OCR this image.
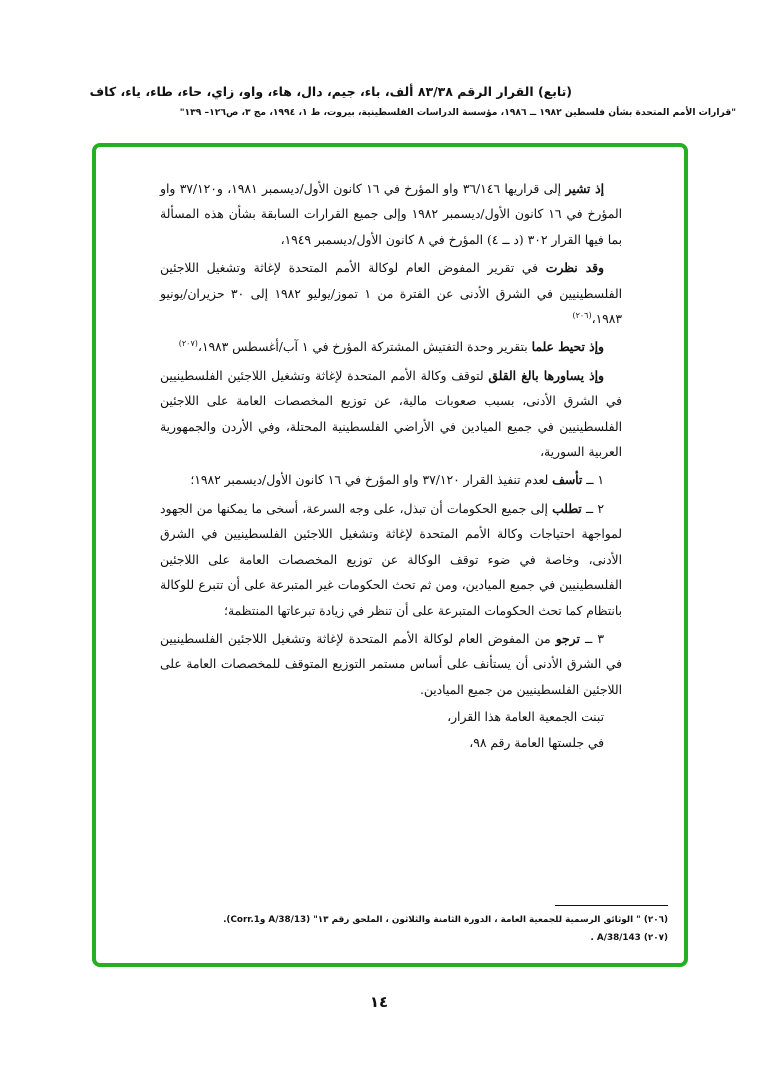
(تابع) القرار الرقم ٨٣/٣٨ ألف، باء، جيم، دال، هاء، واو، زاي، حاء، طاء، ياء، كاف
"قرارات الأمم المتحدة بشأن فلسطين ١٩٨٢ ــ ١٩٨٦، مؤسسة الدراسات الفلسطينية، بيروت، ط ١، ١٩٩٤، مج ٣، ص١٢٦– ١٣٩"

إذ تشير إلى قراريها ٣٦/١٤٦ واو المؤرخ في ١٦ كانون الأول/ديسمبر ١٩٨١، و٣٧/١٢٠ واو المؤرخ في ١٦ كانون الأول/ديسمبر ١٩٨٢ وإلى جميع القرارات السابقة بشأن هذه المسألة بما فيها القرار ٣٠٢ (د ــ ٤) المؤرخ في ٨ كانون الأول/ديسمبر ١٩٤٩،

وقد نظرت في تقرير المفوض العام لوكالة الأمم المتحدة لإغاثة وتشغيل اللاجئين الفلسطينيين في الشرق الأدنى عن الفترة من ١ تموز/يوليو ١٩٨٢ إلى ٣٠ حزيران/يونيو ١٩٨٣،$^{(٢٠٦)}$

وإذ تحيط علما بتقرير وحدة التفتيش المشتركة المؤرخ في ١ آب/أغسطس ١٩٨٣،$^{(٢٠٧)}$

وإذ يساورها بالغ القلق لتوقف وكالة الأمم المتحدة لإغاثة وتشغيل اللاجئين الفلسطينيين في الشرق الأدنى، بسبب صعوبات مالية، عن توزيع المخصصات العامة على اللاجئين الفلسطينيين في جميع الميادين في الأراضي الفلسطينية المحتلة، وفي الأردن والجمهورية العربية السورية،

١ ــ تأسف لعدم تنفيذ القرار ٣٧/١٢٠ واو المؤرخ في ١٦ كانون الأول/ديسمبر ١٩٨٢؛

٢ ــ تطلب إلى جميع الحكومات أن تبذل، على وجه السرعة، أسخى ما يمكنها من الجهود لمواجهة احتياجات وكالة الأمم المتحدة لإغاثة وتشغيل اللاجئين الفلسطينيين في الشرق الأدنى، وخاصة في ضوء توقف الوكالة عن توزيع المخصصات العامة على اللاجئين الفلسطينيين في جميع الميادين، ومن ثم تحث الحكومات غير المتبرعة على أن تتبرع للوكالة بانتظام كما تحث الحكومات المتبرعة على أن تنظر في زيادة تبرعاتها المنتظمة؛

٣ ــ ترجو من المفوض العام لوكالة الأمم المتحدة لإغاثة وتشغيل اللاجئين الفلسطينيين في الشرق الأدنى أن يستأنف على أساس مستمر التوزيع المتوقف للمخصصات العامة على اللاجئين الفلسطينيين من جميع الميادين.

تبنت الجمعية العامة هذا القرار،

في جلستها العامة رقم ٩٨،

(٢٠٦) " الوثائق الرسمية للجمعية العامة ، الدورة الثامنة والثلاثون ، الملحق رقم ١٣" (A/38/13 وCorr.1).
(٢٠٧) A/38/143 .
١٤
